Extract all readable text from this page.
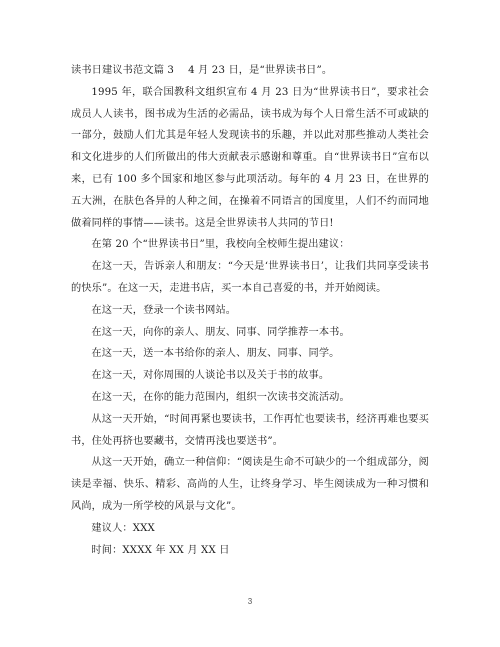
读书日建议书范文篇 3 4 月 23 日，是“世界读书日”。

1995 年，联合国教科文组织宣布 4 月 23 日为“世界读书日”，要求社会成员人人读书，图书成为生活的必需品，读书成为每个人日常生活不可或缺的一部分，鼓励人们尤其是年轻人发现读书的乐趣，并以此对那些推动人类社会和文化进步的人们所做出的伟大贡献表示感谢和尊重。自“世界读书日”宣布以来，已有 100 多个国家和地区参与此项活动。每年的 4 月 23 日，在世界的五大洲，在肤色各异的人种之间，在操着不同语言的国度里，人们不约而同地做着同样的事情——读书。这是全世界读书人共同的节日!

在第 20 个“世界读书日”里，我校向全校师生提出建议：

在这一天，告诉亲人和朋友：“今天是‘世界读书日’，让我们共同享受读书的快乐”。在这一天，走进书店，买一本自己喜爱的书，并开始阅读。

在这一天，登录一个读书网站。

在这一天，向你的亲人、朋友、同事、同学推荐一本书。

在这一天，送一本书给你的亲人、朋友、同事、同学。

在这一天，对你周围的人谈论书以及关于书的故事。

在这一天，在你的能力范围内，组织一次读书交流活动。

从这一天开始，“时间再紧也要读书，工作再忙也要读书，经济再难也要买书，住处再挤也要藏书，交情再浅也要送书”。

从这一天开始，确立一种信仰：“阅读是生命不可缺少的一个组成部分，阅读是幸福、快乐、精彩、高尚的人生，让终身学习、毕生阅读成为一种习惯和风尚，成为一所学校的风景与文化”。

建议人：XXX

时间：XXXX 年 XX 月 XX 日

3
